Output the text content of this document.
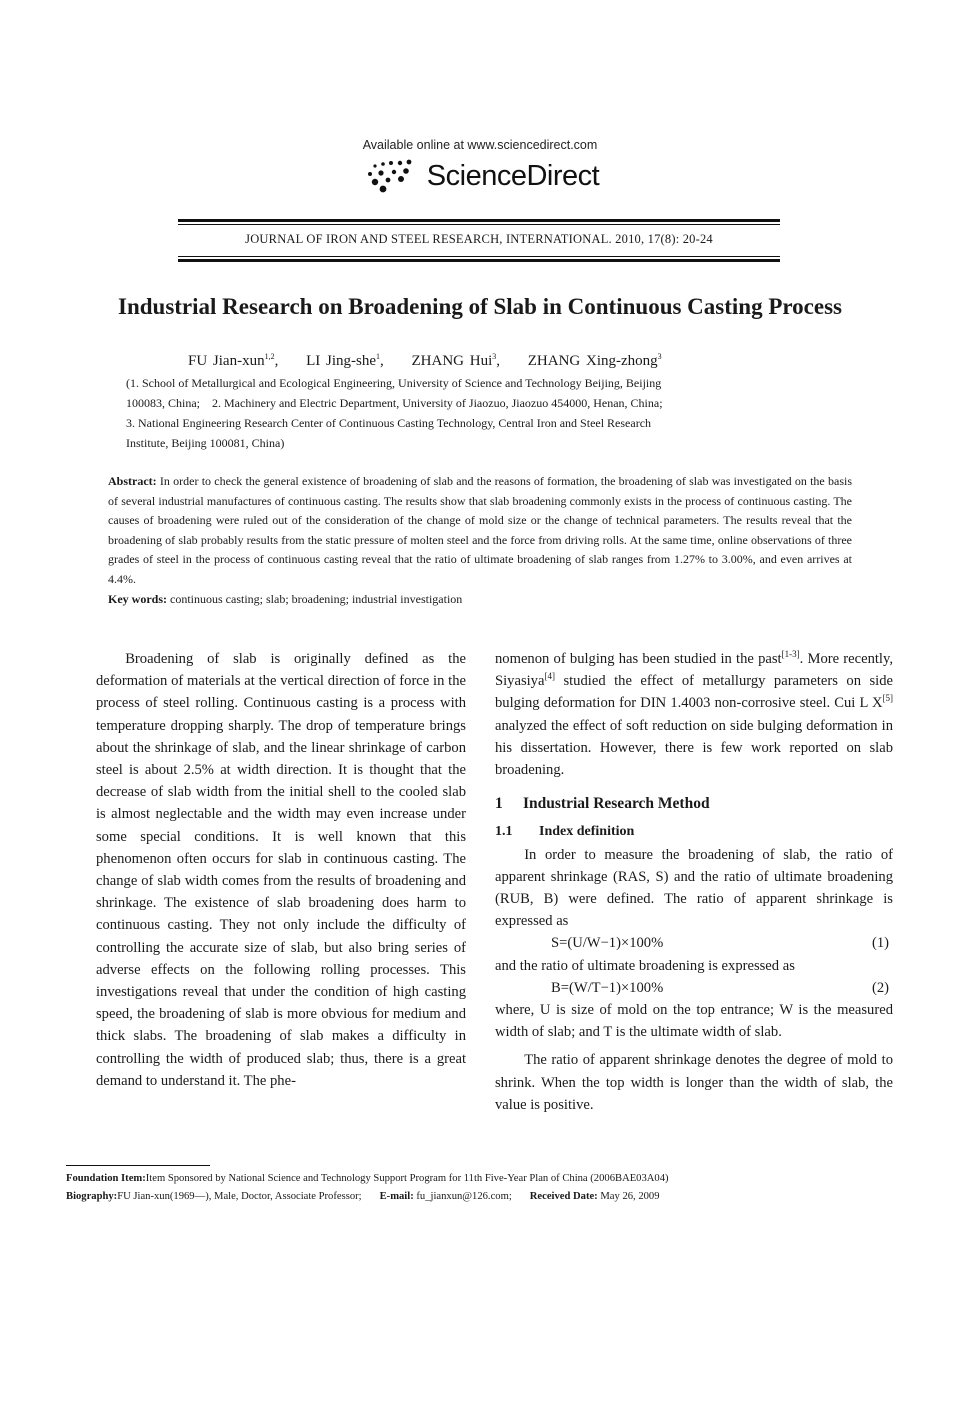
Available online at www.sciencedirect.com
ScienceDirect
JOURNAL OF IRON AND STEEL RESEARCH, INTERNATIONAL. 2010, 17(8): 20-24
Industrial Research on Broadening of Slab in Continuous Casting Process
FU Jian-xun$^{1,2}$, LI Jing-she$^1$, ZHANG Hui$^3$, ZHANG Xing-zhong$^3$

(1. School of Metallurgical and Ecological Engineering, University of Science and Technology Beijing, Beijing

100083, China;    2. Machinery and Electric Department, University of Jiaozuo, Jiaozuo 454000, Henan, China;

3. National Engineering Research Center of Continuous Casting Technology, Central Iron and Steel Research

Institute, Beijing 100081, China)

Abstract: In order to check the general existence of broadening of slab and the reasons of formation, the broadening of slab was investigated on the basis of several industrial manufactures of continuous casting. The results show that slab broadening commonly exists in the process of continuous casting. The causes of broadening were ruled out of the consideration of the change of mold size or the change of technical parameters. The results reveal that the broadening of slab probably results from the static pressure of molten steel and the force from driving rolls. At the same time, online observations of three grades of steel in the process of continuous casting reveal that the ratio of ultimate broadening of slab ranges from 1.27% to 3.00%, and even arrives at 4.4%.

Key words: continuous casting; slab; broadening; industrial investigation

Broadening of slab is originally defined as the deformation of materials at the vertical direction of force in the process of steel rolling. Continuous casting is a process with temperature dropping sharply. The drop of temperature brings about the shrinkage of slab, and the linear shrinkage of carbon steel is about 2.5% at width direction. It is thought that the decrease of slab width from the initial shell to the cooled slab is almost neglectable and the width may even increase under some special conditions. It is well known that this phenomenon often occurs for slab in continuous casting. The change of slab width comes from the results of broadening and shrinkage. The existence of slab broadening does harm to continuous casting. They not only include the difficulty of controlling the accurate size of slab, but also bring series of adverse effects on the following rolling processes. This investigations reveal that under the condition of high casting speed, the broadening of slab is more obvious for medium and thick slabs. The broadening of slab makes a difficulty in controlling the width of produced slab; thus, there is a great demand to understand it. The phe-

nomenon of bulging has been studied in the past[1-3]. More recently, Siyasiya[4] studied the effect of metallurgy parameters on side bulging deformation for DIN 1.4003 non-corrosive steel. Cui L X[5] analyzed the effect of soft reduction on side bulging deformation in his dissertation. However, there is few work reported on slab broadening.

1 Industrial Research Method

1.1 Index definition

In order to measure the broadening of slab, the ratio of apparent shrinkage (RAS, S) and the ratio of ultimate broadening (RUB, B) were defined. The ratio of apparent shrinkage is expressed as

S=(U/W−1)×100%	(1)

and the ratio of ultimate broadening is expressed as

B=(W/T−1)×100%	(2)

where, U is size of mold on the top entrance; W is the measured width of slab; and T is the ultimate width of slab.

The ratio of apparent shrinkage denotes the degree of mold to shrink. When the top width is longer than the width of slab, the value is positive.

Foundation Item:Item Sponsored by National Science and Technology Support Program for 11th Five-Year Plan of China (2006BAE03A04)

Biography:FU Jian-xun(1969—), Male, Doctor, Associate Professor; E-mail: fu_jianxun@126.com; Received Date: May 26, 2009
